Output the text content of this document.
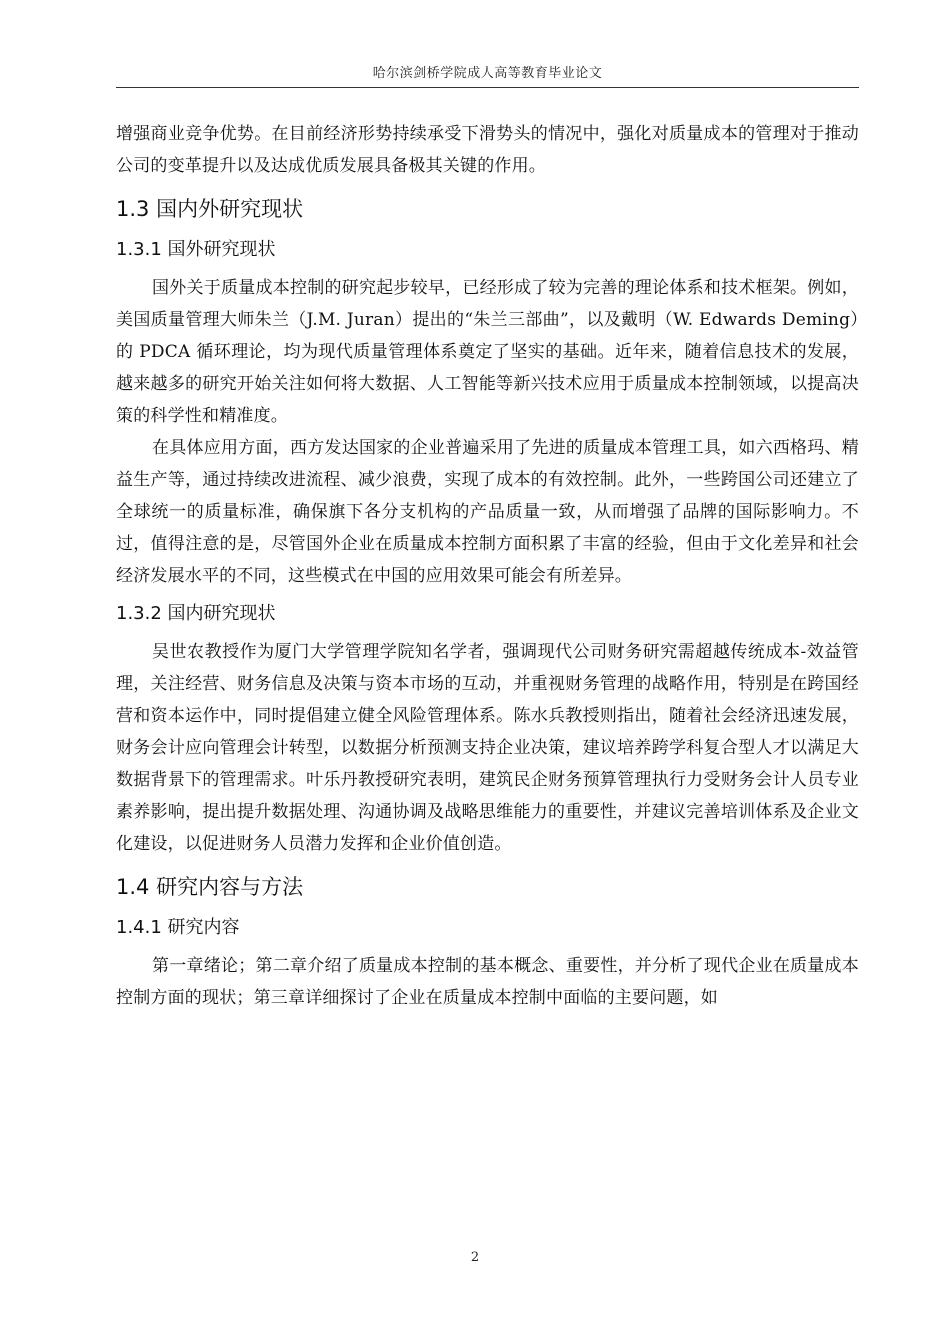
哈尔滨剑桥学院成人高等教育毕业论文

增强商业竞争优势。在目前经济形势持续承受下滑势头的情况中，强化对质量成本的管理对于推动公司的变革提升以及达成优质发展具备极其关键的作用。

1.3 国内外研究现状
1.3.1 国外研究现状

国外关于质量成本控制的研究起步较早，已经形成了较为完善的理论体系和技术框架。例如，美国质量管理大师朱兰（J.M. Juran）提出的“朱兰三部曲”，以及戴明（W. Edwards Deming）的 PDCA 循环理论，均为现代质量管理体系奠定了坚实的基础。近年来，随着信息技术的发展，越来越多的研究开始关注如何将大数据、人工智能等新兴技术应用于质量成本控制领域，以提高决策的科学性和精准度。

在具体应用方面，西方发达国家的企业普遍采用了先进的质量成本管理工具，如六西格玛、精益生产等，通过持续改进流程、减少浪费，实现了成本的有效控制。此外，一些跨国公司还建立了全球统一的质量标准，确保旗下各分支机构的产品质量一致，从而增强了品牌的国际影响力。不过，值得注意的是，尽管国外企业在质量成本控制方面积累了丰富的经验，但由于文化差异和社会经济发展水平的不同，这些模式在中国的应用效果可能会有所差异。

1.3.2 国内研究现状

吴世农教授作为厦门大学管理学院知名学者，强调现代公司财务研究需超越传统成本-效益管理，关注经营、财务信息及决策与资本市场的互动，并重视财务管理的战略作用，特别是在跨国经营和资本运作中，同时提倡建立健全风险管理体系。陈水兵教授则指出，随着社会经济迅速发展，财务会计应向管理会计转型，以数据分析预测支持企业决策，建议培养跨学科复合型人才以满足大数据背景下的管理需求。叶乐丹教授研究表明，建筑民企财务预算管理执行力受财务会计人员专业素养影响，提出提升数据处理、沟通协调及战略思维能力的重要性，并建议完善培训体系及企业文化建设，以促进财务人员潜力发挥和企业价值创造。

1.4 研究内容与方法
1.4.1 研究内容

第一章绪论；第二章介绍了质量成本控制的基本概念、重要性，并分析了现代企业在质量成本控制方面的现状；第三章详细探讨了企业在质量成本控制中面临的主要问题，如

2
